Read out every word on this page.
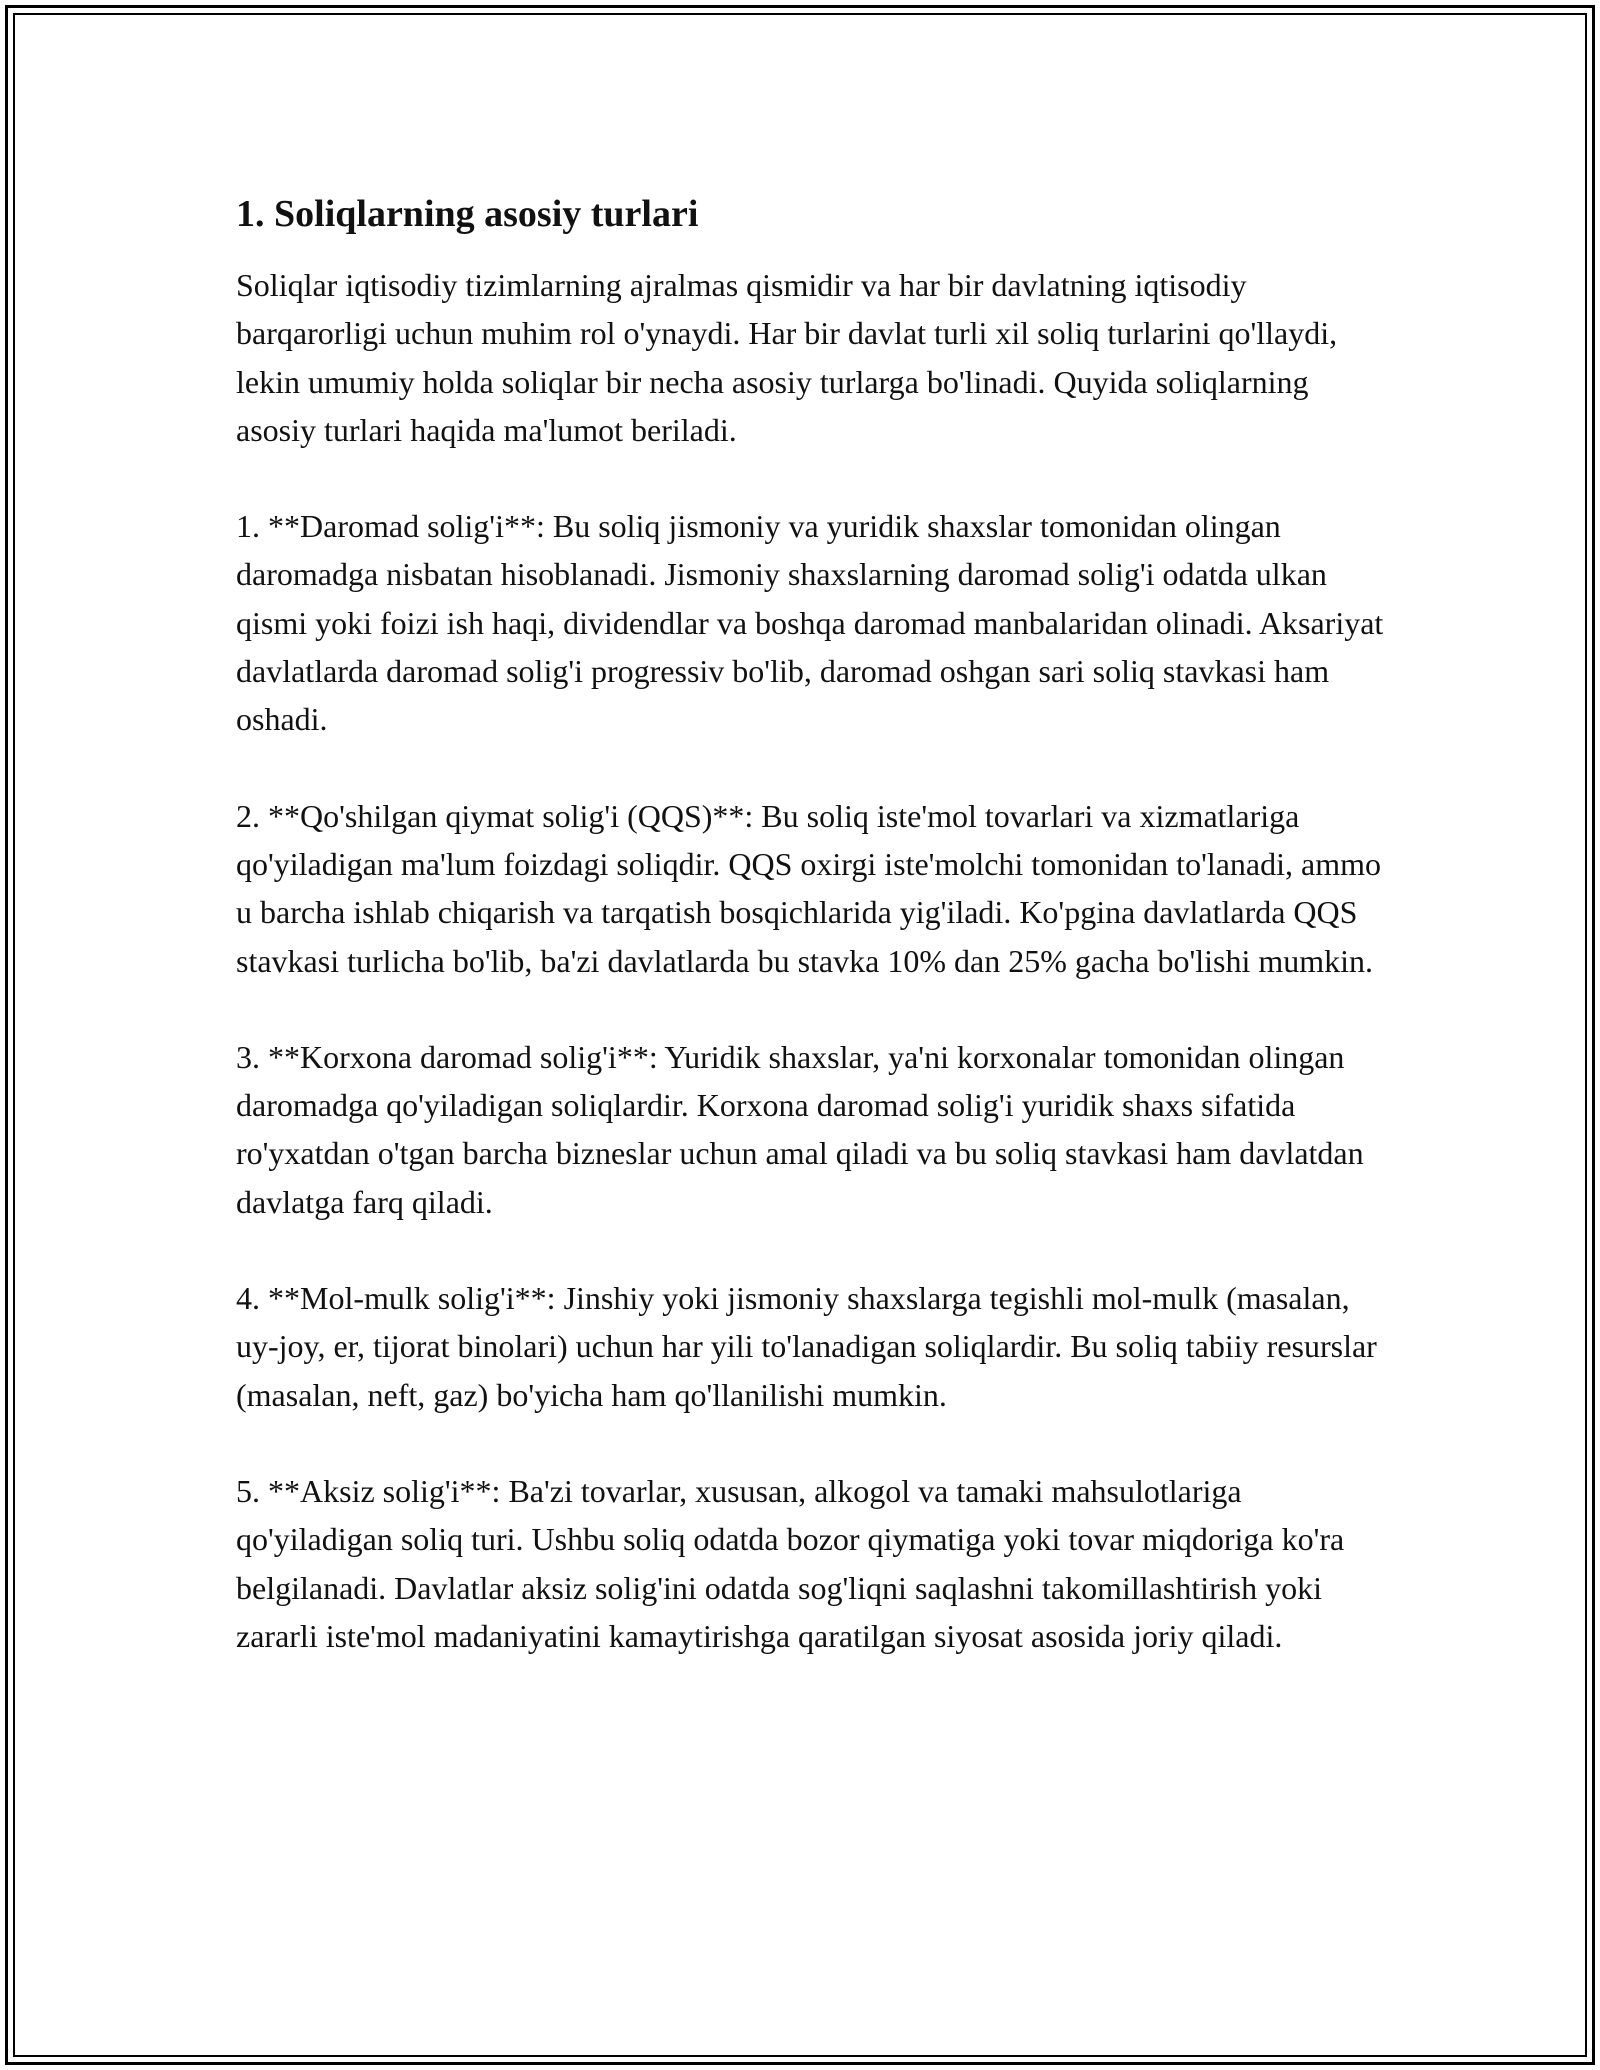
1. Soliqlarning asosiy turlari

Soliqlar iqtisodiy tizimlarning ajralmas qismidir va har bir davlatning iqtisodiy barqarorligi uchun muhim rol o'ynaydi. Har bir davlat turli xil soliq turlarini qo'llaydi, lekin umumiy holda soliqlar bir necha asosiy turlarga bo'linadi. Quyida soliqlarning asosiy turlari haqida ma'lumot beriladi.

1. **Daromad solig'i**: Bu soliq jismoniy va yuridik shaxslar tomonidan olingan daromadga nisbatan hisoblanadi. Jismoniy shaxslarning daromad solig'i odatda ulkan qismi yoki foizi ish haqi, dividendlar va boshqa daromad manbalaridan olinadi. Aksariyat davlatlarda daromad solig'i progressiv bo'lib, daromad oshgan sari soliq stavkasi ham oshadi.

2. **Qo'shilgan qiymat solig'i (QQS)**: Bu soliq iste'mol tovarlari va xizmatlariga qo'yiladigan ma'lum foizdagi soliqdir. QQS oxirgi iste'molchi tomonidan to'lanadi, ammo u barcha ishlab chiqarish va tarqatish bosqichlarida yig'iladi. Ko'pgina davlatlarda QQS stavkasi turlicha bo'lib, ba'zi davlatlarda bu stavka 10% dan 25% gacha bo'lishi mumkin.

3. **Korxona daromad solig'i**: Yuridik shaxslar, ya'ni korxonalar tomonidan olingan daromadga qo'yiladigan soliqlardir. Korxona daromad solig'i yuridik shaxs sifatida ro'yxatdan o'tgan barcha bizneslar uchun amal qiladi va bu soliq stavkasi ham davlatdan davlatga farq qiladi.

4. **Mol-mulk solig'i**: Jinshiy yoki jismoniy shaxslarga tegishli mol-mulk (masalan, uy-joy, er, tijorat binolari) uchun har yili to'lanadigan soliqlardir. Bu soliq tabiiy resurslar (masalan, neft, gaz) bo'yicha ham qo'llanilishi mumkin.

5. **Aksiz solig'i**: Ba'zi tovarlar, xususan, alkogol va tamaki mahsulotlariga qo'yiladigan soliq turi. Ushbu soliq odatda bozor qiymatiga yoki tovar miqdoriga ko'ra belgilanadi. Davlatlar aksiz solig'ini odatda sog'liqni saqlashni takomillashtirish yoki zararli iste'mol madaniyatini kamaytirishga qaratilgan siyosat asosida joriy qiladi.
